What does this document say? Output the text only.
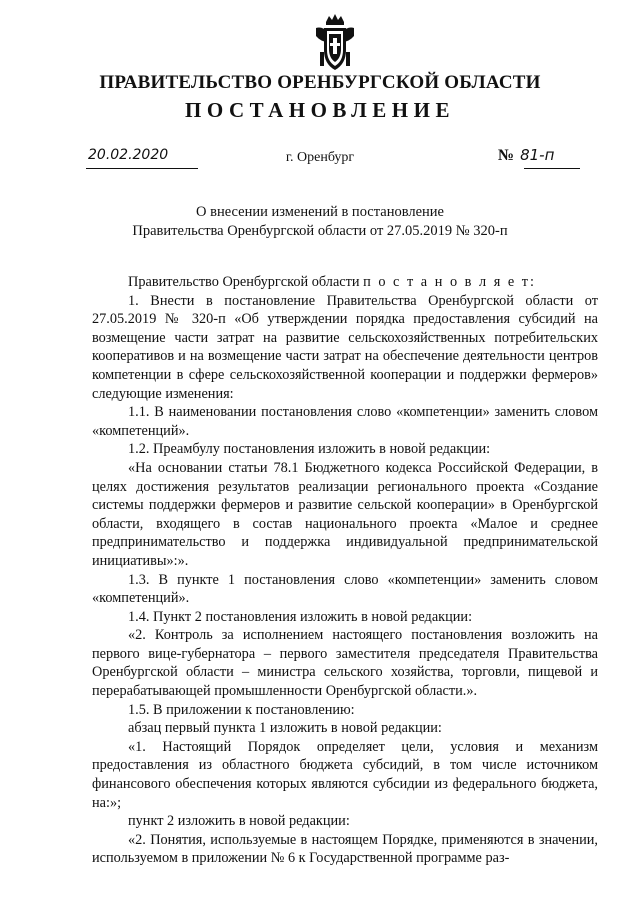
ПРАВИТЕЛЬСТВО ОРЕНБУРГСКОЙ ОБЛАСТИ
ПОСТАНОВЛЕНИЕ
20.02.2020	г. Оренбург	№ 81-п
О внесении изменений в постановление
Правительства Оренбургской области от 27.05.2019 № 320-п

Правительство Оренбургской области п о с т а н о в л я е т:

1. Внести в постановление Правительства Оренбургской области от 27.05.2019 № 320-п «Об утверждении порядка предоставления субсидий на возмещение части затрат на развитие сельскохозяйственных потребительских кооперативов и на возмещение части затрат на обеспечение деятельности центров компетенции в сфере сельскохозяйственной кооперации и поддержки фермеров» следующие изменения:

1.1. В наименовании постановления слово «компетенции» заменить словом «компетенций».

1.2. Преамбулу постановления изложить в новой редакции:

«На основании статьи 78.1 Бюджетного кодекса Российской Федерации, в целях достижения результатов реализации регионального проекта «Создание системы поддержки фермеров и развитие сельской кооперации» в Оренбургской области, входящего в состав национального проекта «Малое и среднее предпринимательство и поддержка индивидуальной предпринимательской инициативы»:».

1.3. В пункте 1 постановления слово «компетенции» заменить словом «компетенций».

1.4. Пункт 2 постановления изложить в новой редакции:

«2. Контроль за исполнением настоящего постановления возложить на первого вице-губернатора – первого заместителя председателя Правительства Оренбургской области – министра сельского хозяйства, торговли, пищевой и перерабатывающей промышленности Оренбургской области.».

1.5. В приложении к постановлению:

абзац первый пункта 1 изложить в новой редакции:

«1. Настоящий Порядок определяет цели, условия и механизм предоставления из областного бюджета субсидий, в том числе источником финансового обеспечения которых являются субсидии из федерального бюджета, на:»;

пункт 2 изложить в новой редакции:

«2. Понятия, используемые в настоящем Порядке, применяются в значении, используемом в приложении № 6 к Государственной программе раз-
